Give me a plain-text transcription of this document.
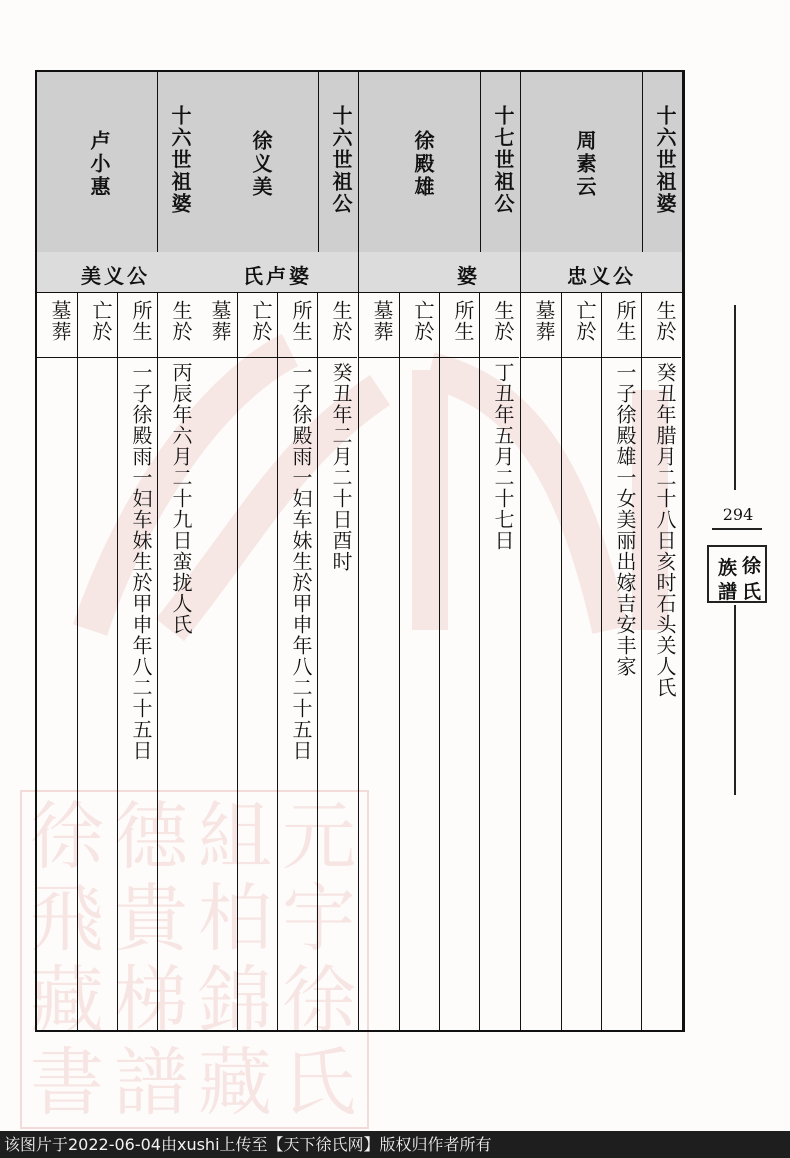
徐
飛
藏
書
德
貴
梯
譜
組
柏
錦
藏
元
宇
徐
氏
十六世祖婆
周素云
忠义公
生於
癸丑年腊月二十八日亥时石头关人氏
所生
一子徐殿雄一女美丽出嫁吉安丰家
亡於
墓葬
十七世祖公
徐殿雄
婆
生於
丁丑年五月二十七日
所生
亡於
墓葬
十六世祖公
徐义美
氏卢婆
生於
癸丑年二月二十日酉时
所生
一子徐殿雨一妇车妹生於甲申年八二十五日
亡於
墓葬
十六世祖婆
卢小惠
美义公
生於
丙辰年六月二十九日蛮拢人氏
所生
一子徐殿雨一妇车妹生於甲申年八二十五日
亡於
墓葬
294
徐
氏
族
譜
该图片于2022-06-04由xushi上传至【天下徐氏网】版权归作者所有
